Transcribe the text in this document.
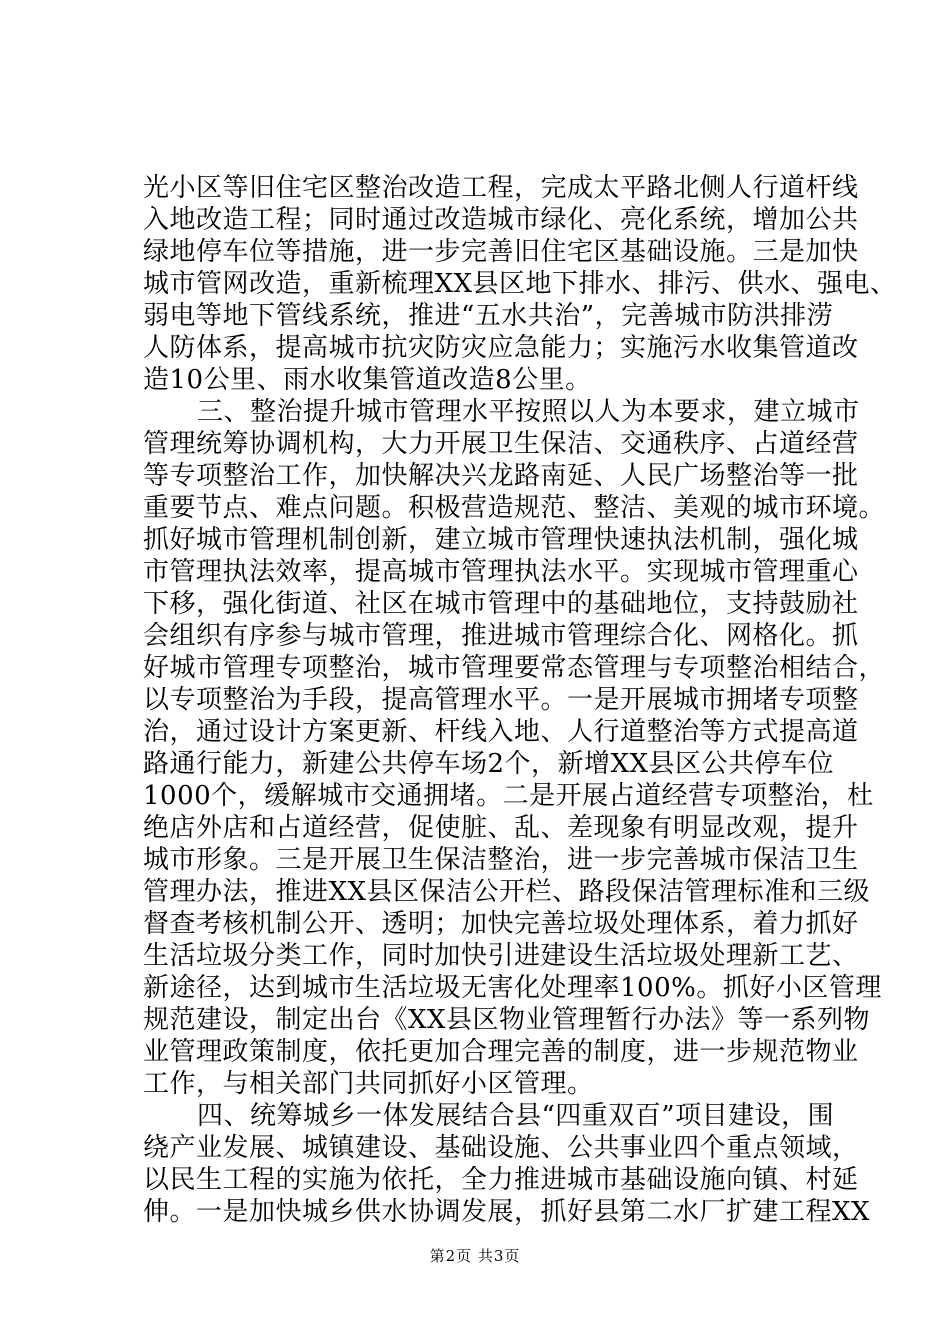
光小区等旧住宅区整治改造工程，完成太平路北侧人行道杆线
入地改造工程；同时通过改造城市绿化、亮化系统，增加公共
绿地停车位等措施，进一步完善旧住宅区基础设施。三是加快
城市管网改造，重新梳理XX县区地下排水、排污、供水、强电、
弱电等地下管线系统，推进“五水共治”，完善城市防洪排涝
人防体系，提高城市抗灾防灾应急能力；实施污水收集管道改
造10公里、雨水收集管道改造8公里。
三、整治提升城市管理水平按照以人为本要求，建立城市
管理统筹协调机构，大力开展卫生保洁、交通秩序、占道经营
等专项整治工作，加快解决兴龙路南延、人民广场整治等一批
重要节点、难点问题。积极营造规范、整洁、美观的城市环境。
抓好城市管理机制创新，建立城市管理快速执法机制，强化城
市管理执法效率，提高城市管理执法水平。实现城市管理重心
下移，强化街道、社区在城市管理中的基础地位，支持鼓励社
会组织有序参与城市管理，推进城市管理综合化、网格化。抓
好城市管理专项整治，城市管理要常态管理与专项整治相结合，
以专项整治为手段，提高管理水平。一是开展城市拥堵专项整
治，通过设计方案更新、杆线入地、人行道整治等方式提高道
路通行能力，新建公共停车场2个，新增XX县区公共停车位
1000个，缓解城市交通拥堵。二是开展占道经营专项整治，杜
绝店外店和占道经营，促使脏、乱、差现象有明显改观，提升
城市形象。三是开展卫生保洁整治，进一步完善城市保洁卫生
管理办法，推进XX县区保洁公开栏、路段保洁管理标准和三级
督查考核机制公开、透明；加快完善垃圾处理体系，着力抓好
生活垃圾分类工作，同时加快引进建设生活垃圾处理新工艺、
新途径，达到城市生活垃圾无害化处理率100%。抓好小区管理
规范建设，制定出台《XX县区物业管理暂行办法》等一系列物
业管理政策制度，依托更加合理完善的制度，进一步规范物业
工作，与相关部门共同抓好小区管理。
四、统筹城乡一体发展结合县“四重双百”项目建设，围
绕产业发展、城镇建设、基础设施、公共事业四个重点领域，
以民生工程的实施为依托，全力推进城市基础设施向镇、村延
伸。一是加快城乡供水协调发展，抓好县第二水厂扩建工程XX
第2页 共3页
